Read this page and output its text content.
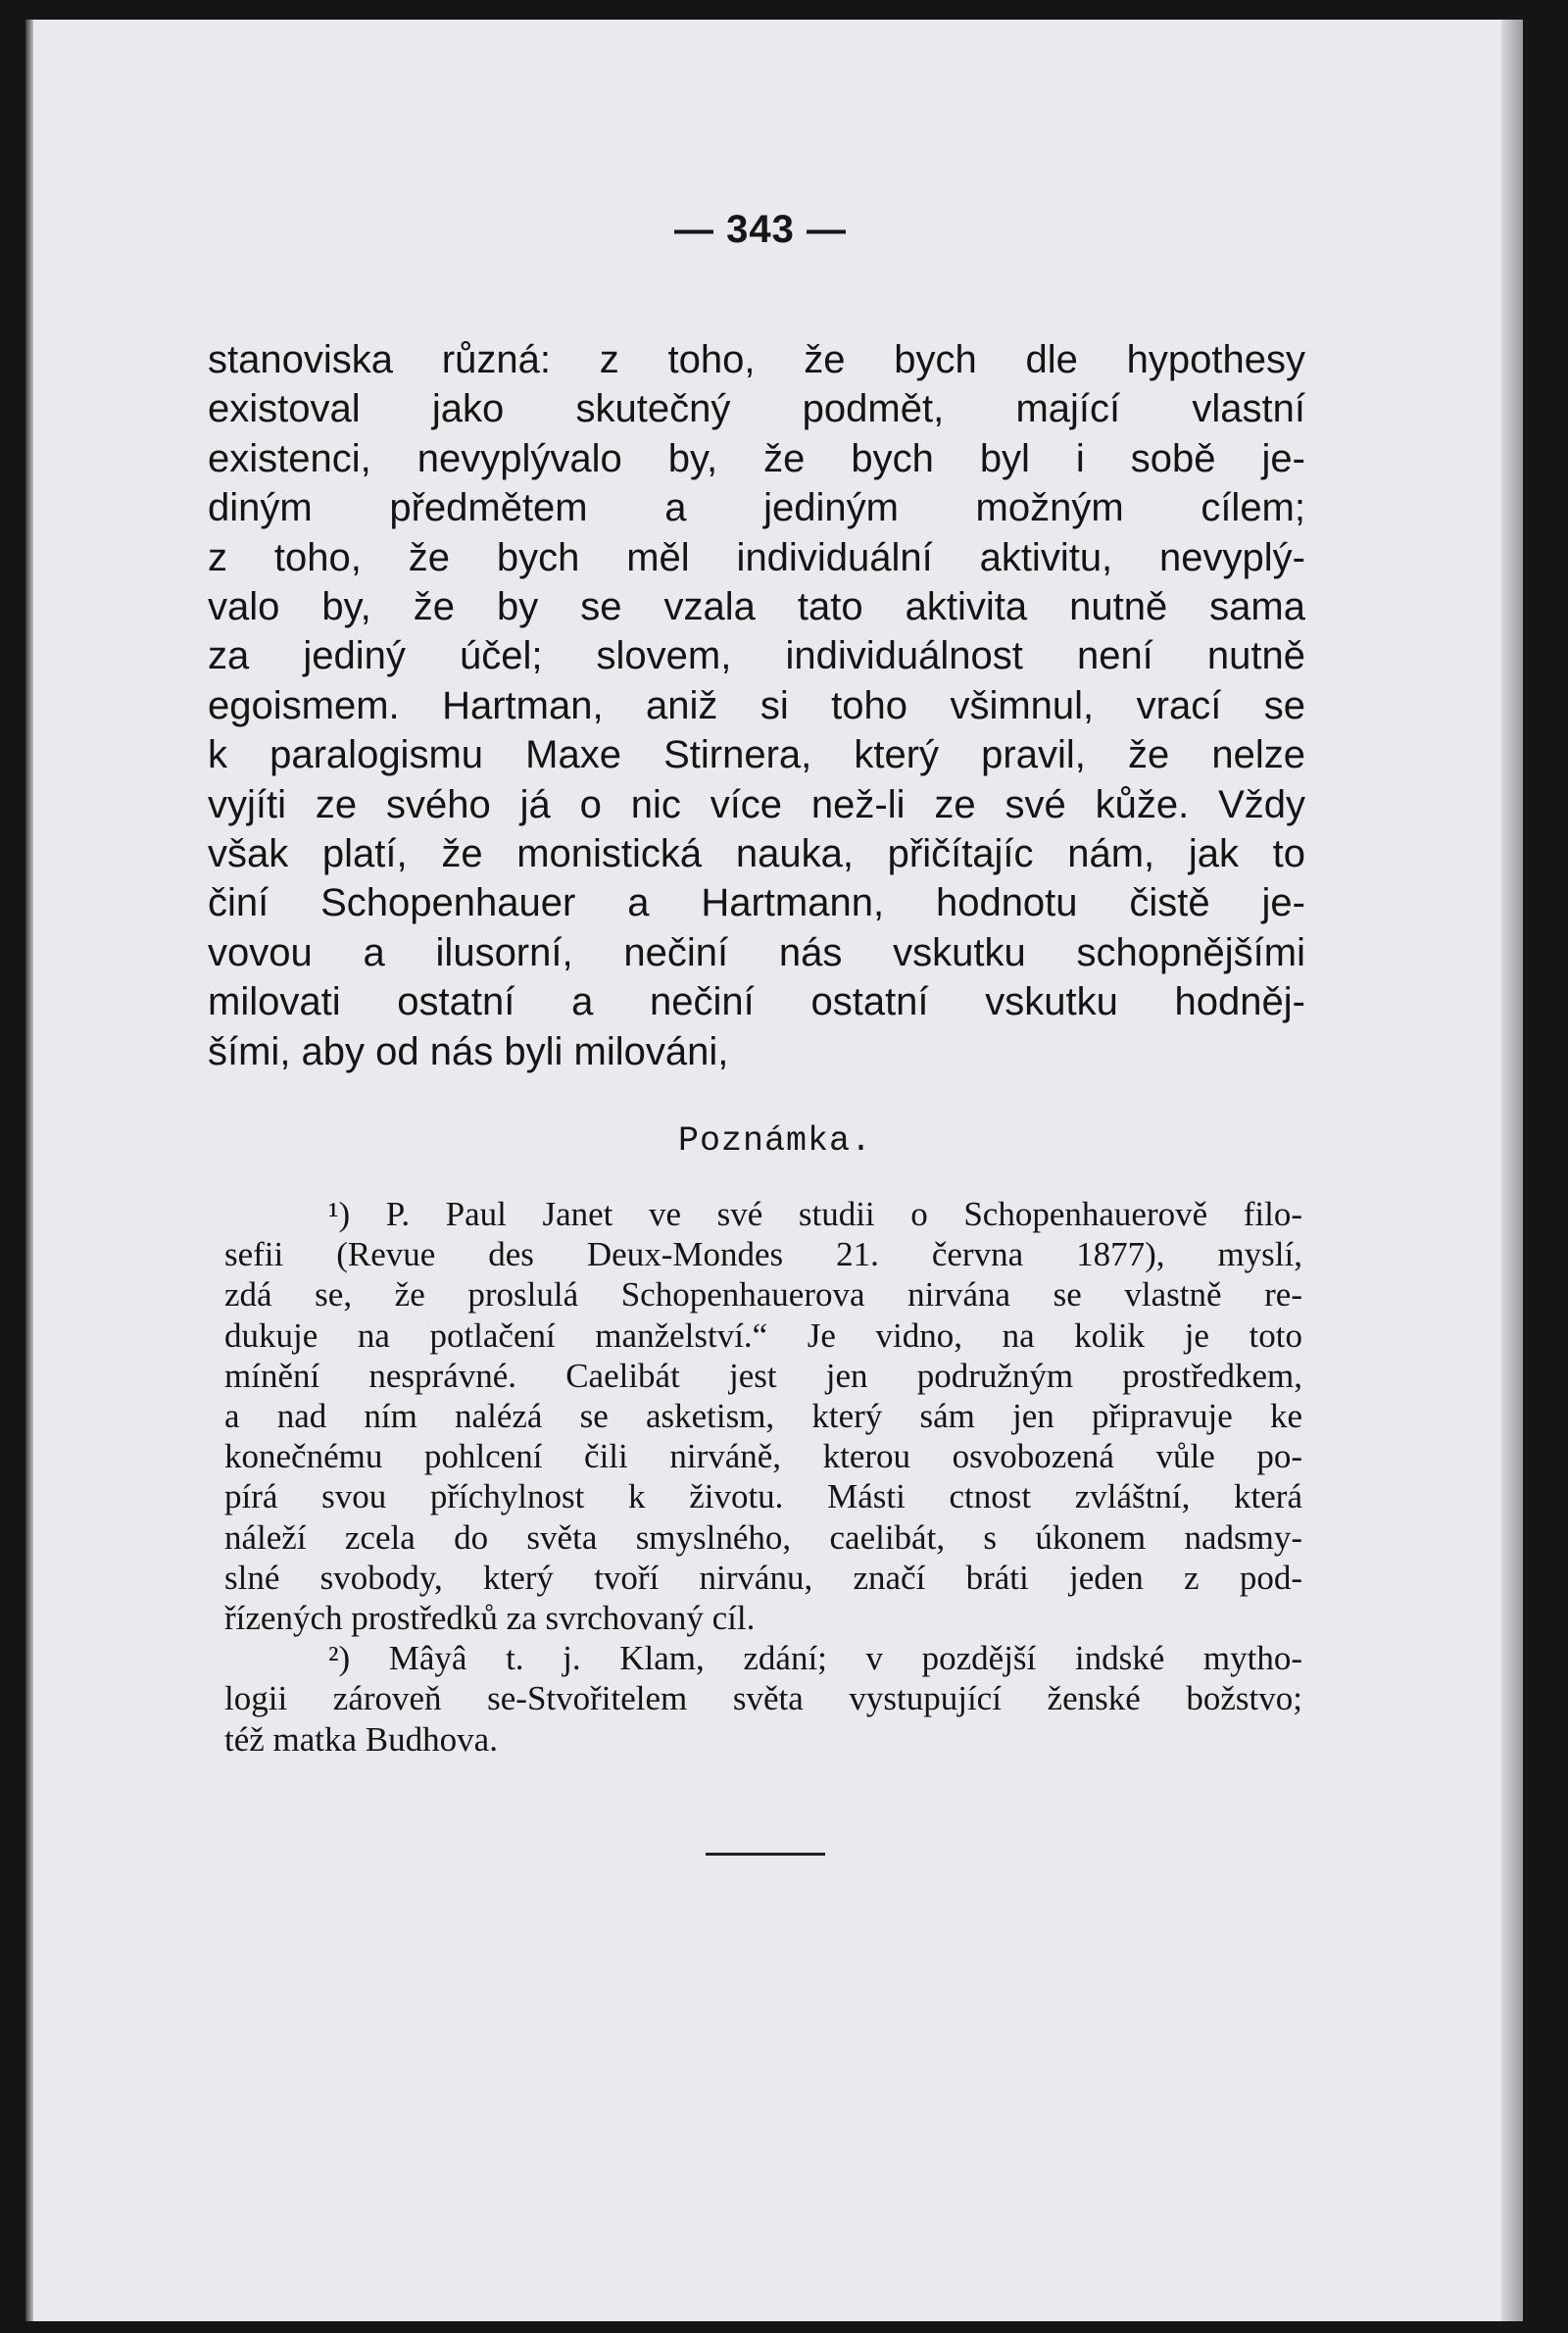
— 343 —
stanoviska různá: z toho, že bych dle hypothesy
existoval jako skutečný podmět, mající vlastní
existenci, nevyplývalo by, že bych byl i sobě je-
diným předmětem a jediným možným cílem;
z toho, že bych měl individuální aktivitu, nevyplý-
valo by, že by se vzala tato aktivita nutně sama
za jediný účel; slovem, individuálnost není nutně
egoismem. Hartman, aniž si toho všimnul, vrací se
k paralogismu Maxe Stirnera, který pravil, že nelze
vyjíti ze svého já o nic více než-li ze své kůže. Vždy
však platí, že monistická nauka, přičítajíc nám, jak to
činí Schopenhauer a Hartmann, hodnotu čistě je-
vovou a ilusorní, nečiní nás vskutku schopnějšími
milovati ostatní a nečiní ostatní vskutku hodněj-
šími, aby od nás byli milováni,
Poznámka.
¹) P. Paul Janet ve své studii o Schopenhauerově filo-
sefii (Revue des Deux-Mondes 21. června 1877), myslí,
zdá se, že proslulá Schopenhauerova nirvána se vlastně re-
dukuje na potlačení manželství.“ Je vidno, na kolik je toto
mínění nesprávné. Caelibát jest jen podružným prostředkem,
a nad ním nalézá se asketism, který sám jen připravuje ke
konečnému pohlcení čili nirváně, kterou osvobozená vůle po-
pírá svou příchylnost k životu. Másti ctnost zvláštní, která
náleží zcela do světa smyslného, caelibát, s úkonem nadsmy-
slné svobody, který tvoří nirvánu, značí bráti jeden z pod-
řízených prostředků za svrchovaný cíl.
²) Mâyâ t. j. Klam, zdání; v pozdější indské mytho-
logii zároveň se-Stvořitelem světa vystupující ženské božstvo;
též matka Budhova.
